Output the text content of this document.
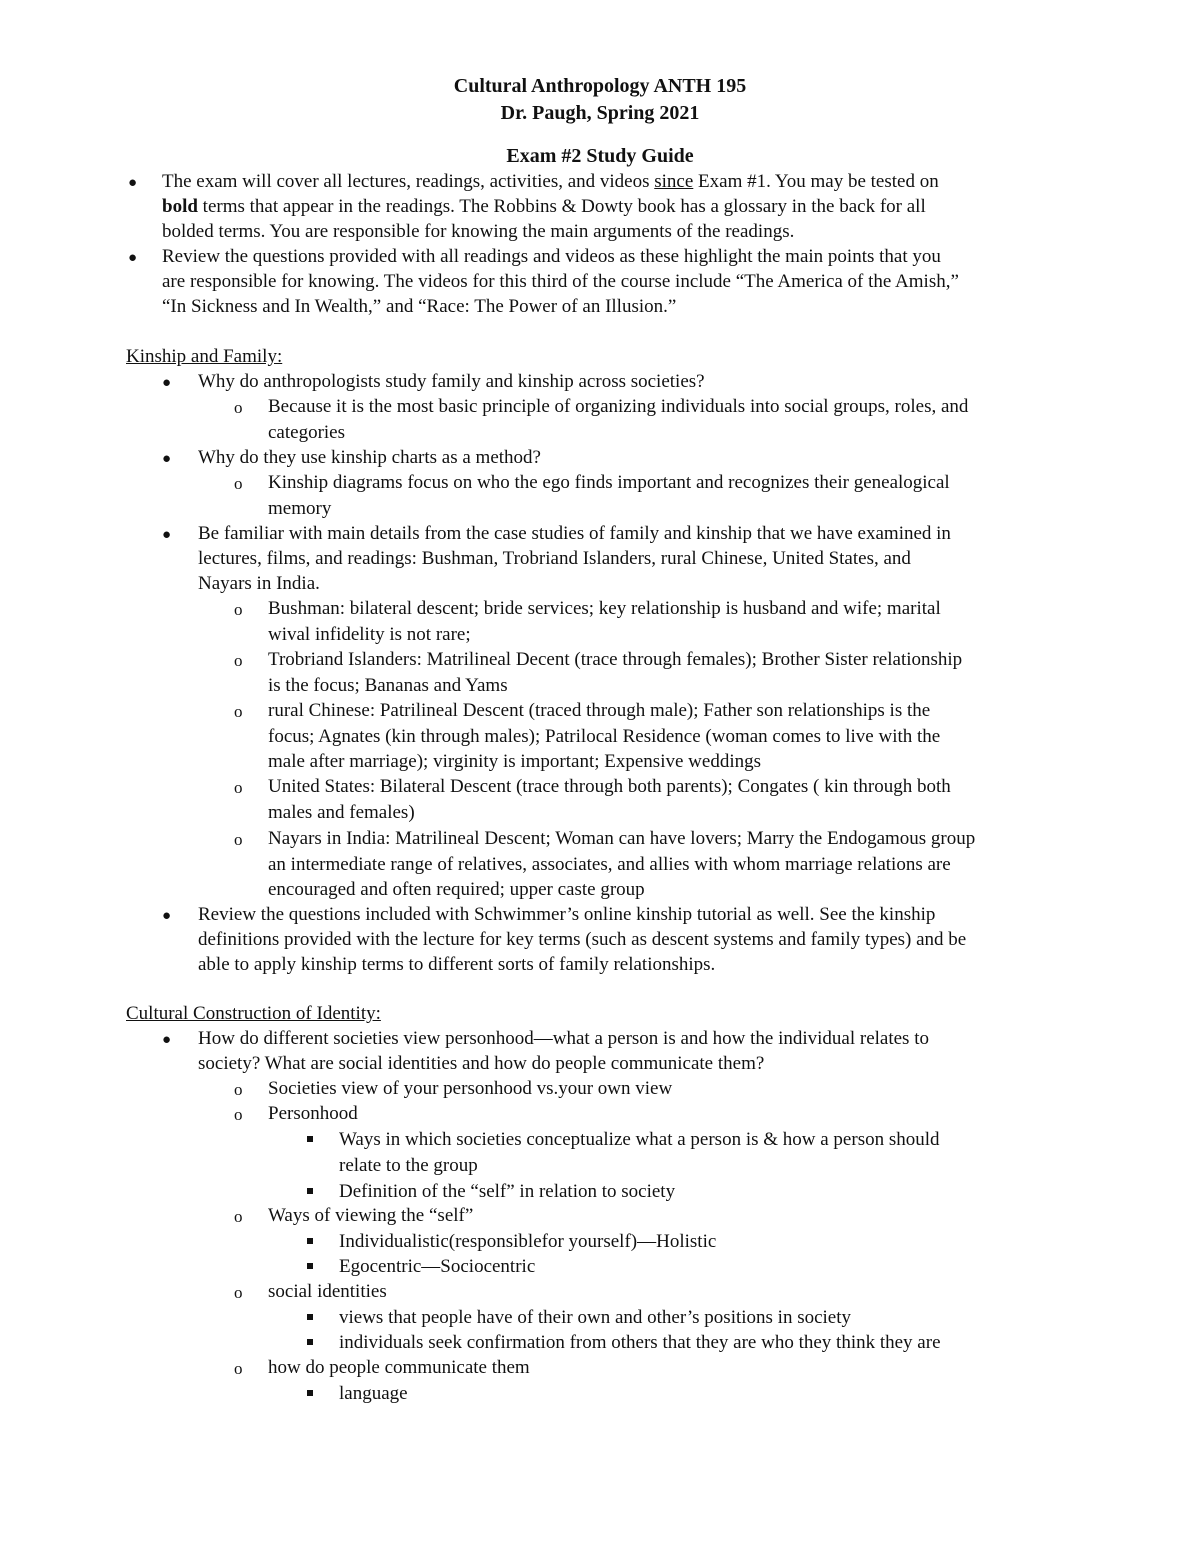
Cultural Anthropology ANTH 195
Dr. Paugh, Spring 2021
Exam #2 Study Guide
● The exam will cover all lectures, readings, activities, and videos since Exam #1. You may be tested on
bold terms that appear in the readings. The Robbins & Dowty book has a glossary in the back for all
bolded terms. You are responsible for knowing the main arguments of the readings.
● Review the questions provided with all readings and videos as these highlight the main points that you
are responsible for knowing. The videos for this third of the course include “The America of the Amish,”
“In Sickness and In Wealth,” and “Race: The Power of an Illusion.”
Kinship and Family:
● Why do anthropologists study family and kinship across societies?
o Because it is the most basic principle of organizing individuals into social groups, roles, and
categories
● Why do they use kinship charts as a method?
o Kinship diagrams focus on who the ego finds important and recognizes their genealogical
memory
● Be familiar with main details from the case studies of family and kinship that we have examined in
lectures, films, and readings: Bushman, Trobriand Islanders, rural Chinese, United States, and
Nayars in India.
o Bushman: bilateral descent; bride services; key relationship is husband and wife; marital
wival infidelity is not rare;
o Trobriand Islanders: Matrilineal Decent (trace through females); Brother Sister relationship
is the focus; Bananas and Yams
o rural Chinese: Patrilineal Descent (traced through male); Father son relationships is the
focus; Agnates (kin through males); Patrilocal Residence (woman comes to live with the
male after marriage); virginity is important; Expensive weddings
o United States: Bilateral Descent (trace through both parents); Congates ( kin through both
males and females)
o Nayars in India: Matrilineal Descent; Woman can have lovers; Marry the Endogamous group
an intermediate range of relatives, associates, and allies with whom marriage relations are
encouraged and often required; upper caste group
● Review the questions included with Schwimmer’s online kinship tutorial as well. See the kinship
definitions provided with the lecture for key terms (such as descent systems and family types) and be
able to apply kinship terms to different sorts of family relationships.
Cultural Construction of Identity:
● How do different societies view personhood—what a person is and how the individual relates to
society? What are social identities and how do people communicate them?
o Societies view of your personhood vs.your own view
o Personhood
Ways in which societies conceptualize what a person is & how a person should
relate to the group
Definition of the “self” in relation to society
o Ways of viewing the “self”
Individualistic(responsiblefor yourself)—Holistic
Egocentric—Sociocentric
o social identities
views that people have of their own and other’s positions in society
individuals seek confirmation from others that they are who they think they are
o how do people communicate them
language
